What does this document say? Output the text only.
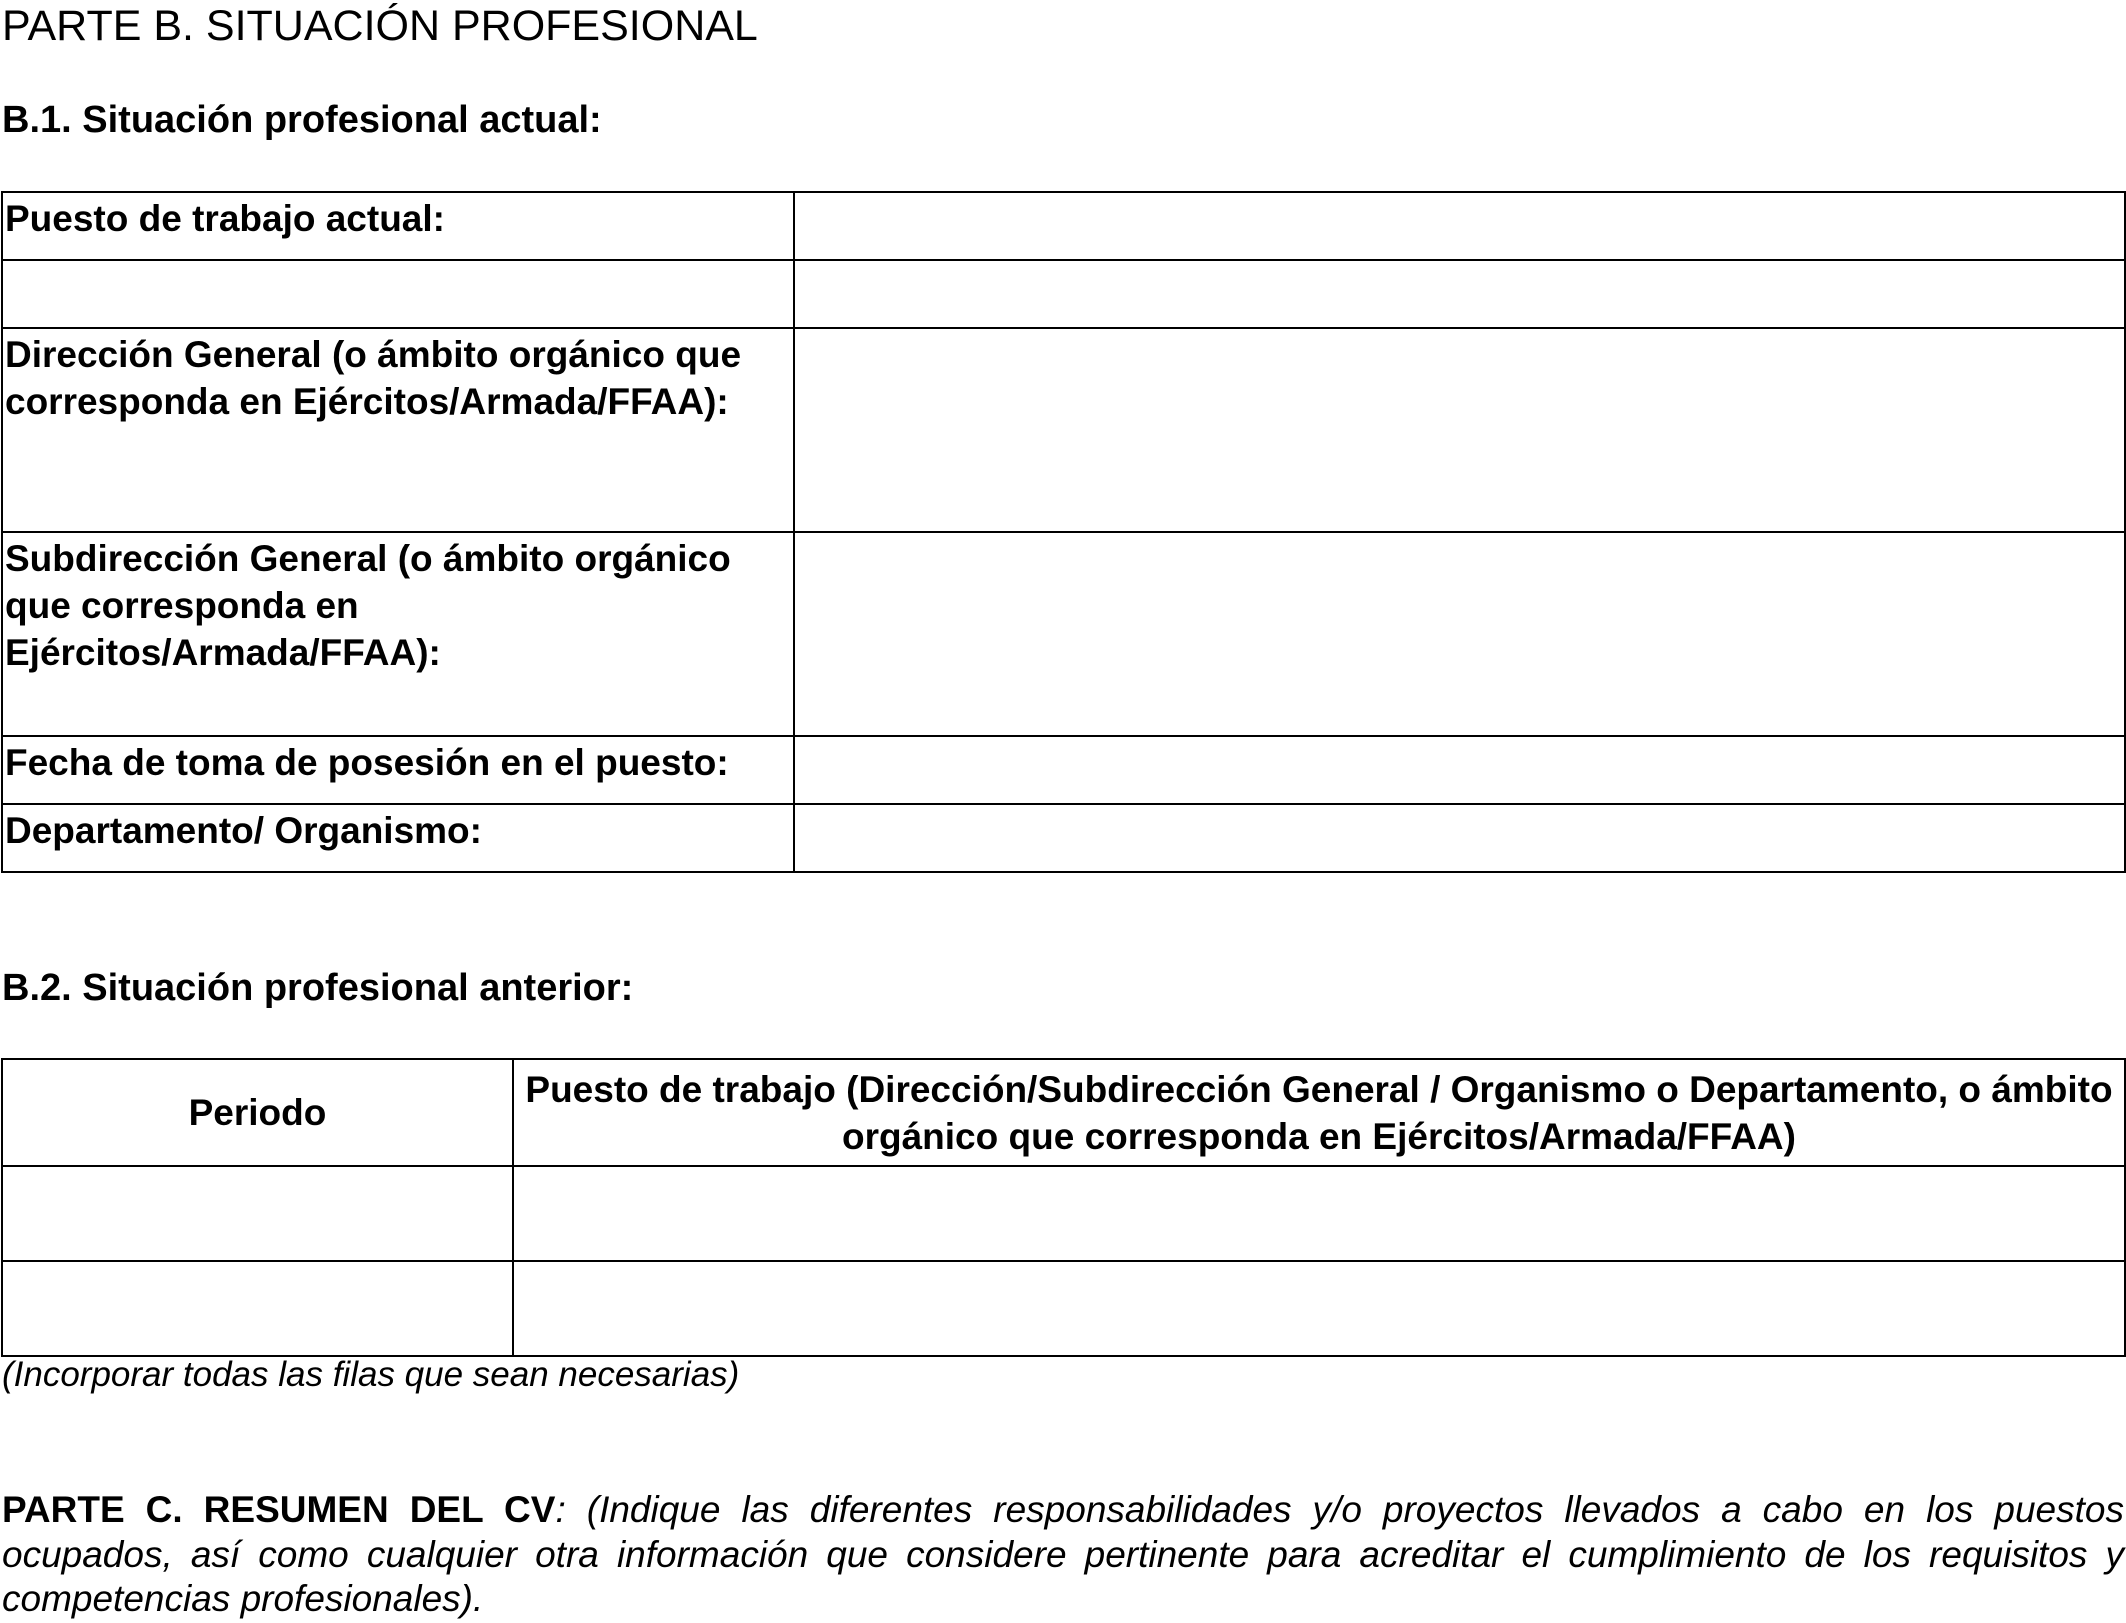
PARTE B. SITUACIÓN PROFESIONAL
B.1. Situación profesional actual:
Puesto de trabajo actual:	

Dirección General (o ámbito orgánico que corresponda en Ejércitos/Armada/FFAA):	
Subdirección General (o ámbito orgánico que corresponda en Ejércitos/Armada/FFAA):	
Fecha de toma de posesión en el puesto:	
Departamento/ Organismo:	
B.2. Situación profesional anterior:
Periodo	Puesto de trabajo (Dirección/Subdirección General / Organismo o Departamento, o ámbito orgánico que corresponda en Ejércitos/Armada/FFAA)

(Incorporar todas las filas que sean necesarias)
PARTE C. RESUMEN DEL CV: (Indique las diferentes responsabilidades y/o proyectos llevados a cabo en los puestos ocupados, así como cualquier otra información que considere pertinente para acreditar el cumplimiento de los requisitos y competencias profesionales).
